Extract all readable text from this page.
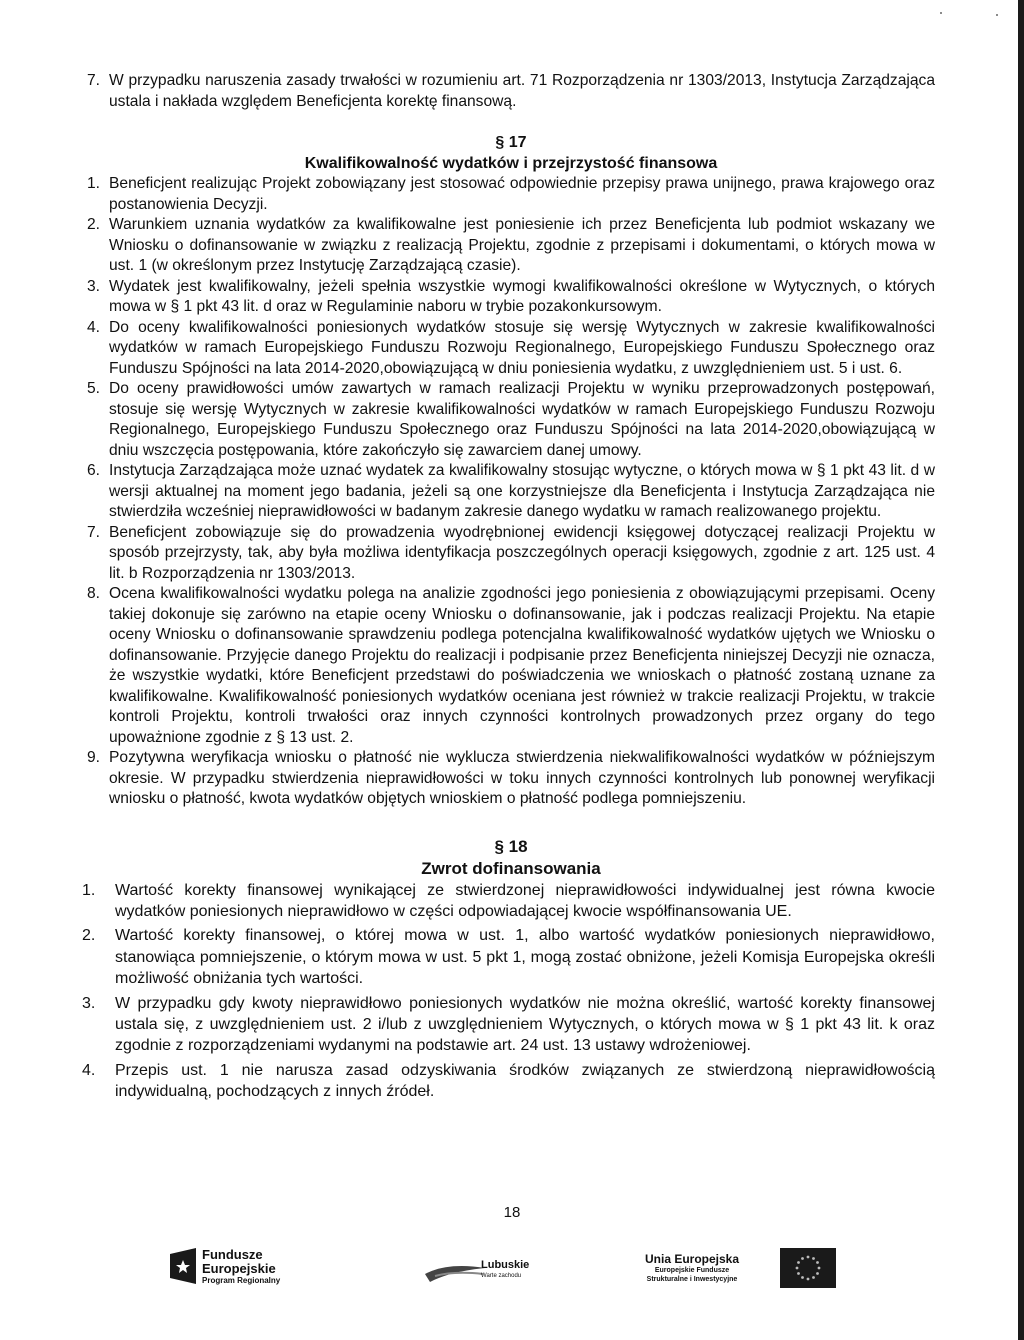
7. W przypadku naruszenia zasady trwałości w rozumieniu art. 71 Rozporządzenia nr 1303/2013, Instytucja Zarządzająca ustala i nakłada względem Beneficjenta korektę finansową.
§ 17
Kwalifikowalność wydatków i przejrzystość finansowa
1. Beneficjent realizując Projekt zobowiązany jest stosować odpowiednie przepisy prawa unijnego, prawa krajowego oraz postanowienia Decyzji.
2. Warunkiem uznania wydatków za kwalifikowalne jest poniesienie ich przez Beneficjenta lub podmiot wskazany we Wniosku o dofinansowanie w związku z realizacją Projektu, zgodnie z przepisami i dokumentami, o których mowa w ust. 1 (w określonym przez Instytucję Zarządzającą czasie).
3. Wydatek jest kwalifikowalny, jeżeli spełnia wszystkie wymogi kwalifikowalności określone w Wytycznych, o których mowa w § 1 pkt 43 lit. d oraz w Regulaminie naboru w trybie pozakonkursowym.
4. Do oceny kwalifikowalności poniesionych wydatków stosuje się wersję Wytycznych w zakresie kwalifikowalności wydatków w ramach Europejskiego Funduszu Rozwoju Regionalnego, Europejskiego Funduszu Społecznego oraz Funduszu Spójności na lata 2014-2020,obowiązującą w dniu poniesienia wydatku, z uwzględnieniem ust. 5 i ust. 6.
5. Do oceny prawidłowości umów zawartych w ramach realizacji Projektu w wyniku przeprowadzonych postępowań, stosuje się wersję Wytycznych w zakresie kwalifikowalności wydatków w ramach Europejskiego Funduszu Rozwoju Regionalnego, Europejskiego Funduszu Społecznego oraz Funduszu Spójności na lata 2014-2020,obowiązującą w dniu wszczęcia postępowania, które zakończyło się zawarciem danej umowy.
6. Instytucja Zarządzająca może uznać wydatek za kwalifikowalny stosując wytyczne, o których mowa w § 1 pkt 43 lit. d w wersji aktualnej na moment jego badania, jeżeli są one korzystniejsze dla Beneficjenta i Instytucja Zarządzająca nie stwierdziła wcześniej nieprawidłowości w badanym zakresie danego wydatku w ramach realizowanego projektu.
7. Beneficjent zobowiązuje się do prowadzenia wyodrębnionej ewidencji księgowej dotyczącej realizacji Projektu w sposób przejrzysty, tak, aby była możliwa identyfikacja poszczególnych operacji księgowych, zgodnie z art. 125 ust. 4 lit. b Rozporządzenia nr 1303/2013.
8. Ocena kwalifikowalności wydatku polega na analizie zgodności jego poniesienia z obowiązującymi przepisami. Oceny takiej dokonuje się zarówno na etapie oceny Wniosku o dofinansowanie, jak i podczas realizacji Projektu. Na etapie oceny Wniosku o dofinansowanie sprawdzeniu podlega potencjalna kwalifikowalność wydatków ujętych we Wniosku o dofinansowanie. Przyjęcie danego Projektu do realizacji i podpisanie przez Beneficjenta niniejszej Decyzji nie oznacza, że wszystkie wydatki, które Beneficjent przedstawi do poświadczenia we wnioskach o płatność zostaną uznane za kwalifikowalne. Kwalifikowalność poniesionych wydatków oceniana jest również w trakcie realizacji Projektu, w trakcie kontroli Projektu, kontroli trwałości oraz innych czynności kontrolnych prowadzonych przez organy do tego upoważnione zgodnie z § 13 ust. 2.
9. Pozytywna weryfikacja wniosku o płatność nie wyklucza stwierdzenia niekwalifikowalności wydatków w późniejszym okresie. W przypadku stwierdzenia nieprawidłowości w toku innych czynności kontrolnych lub ponownej weryfikacji wniosku o płatność, kwota wydatków objętych wnioskiem o płatność podlega pomniejszeniu.
§ 18
Zwrot dofinansowania
1. Wartość korekty finansowej wynikającej ze stwierdzonej nieprawidłowości indywidualnej jest równa kwocie wydatków poniesionych nieprawidłowo w części odpowiadającej kwocie współfinansowania UE.
2. Wartość korekty finansowej, o której mowa w ust. 1, albo wartość wydatków poniesionych nieprawidłowo, stanowiąca pomniejszenie, o którym mowa w ust. 5 pkt 1, mogą zostać obniżone, jeżeli Komisja Europejska określi możliwość obniżania tych wartości.
3. W przypadku gdy kwoty nieprawidłowo poniesionych wydatków nie można określić, wartość korekty finansowej ustala się, z uwzględnieniem ust. 2 i/lub z uwzględnieniem Wytycznych, o których mowa w § 1 pkt 43 lit. k oraz zgodnie z rozporządzeniami wydanymi na podstawie art. 24 ust. 13 ustawy wdrożeniowej.
4. Przepis ust. 1 nie narusza zasad odzyskiwania środków związanych ze stwierdzoną nieprawidłowością indywidualną, pochodzących z innych źródeł.
18
Fundusze
Europejskie
Program Regionalny
Lubuskie
Warte zachodu
Unia Europejska
Europejskie Fundusze
Strukturalne i Inwestycyjne
